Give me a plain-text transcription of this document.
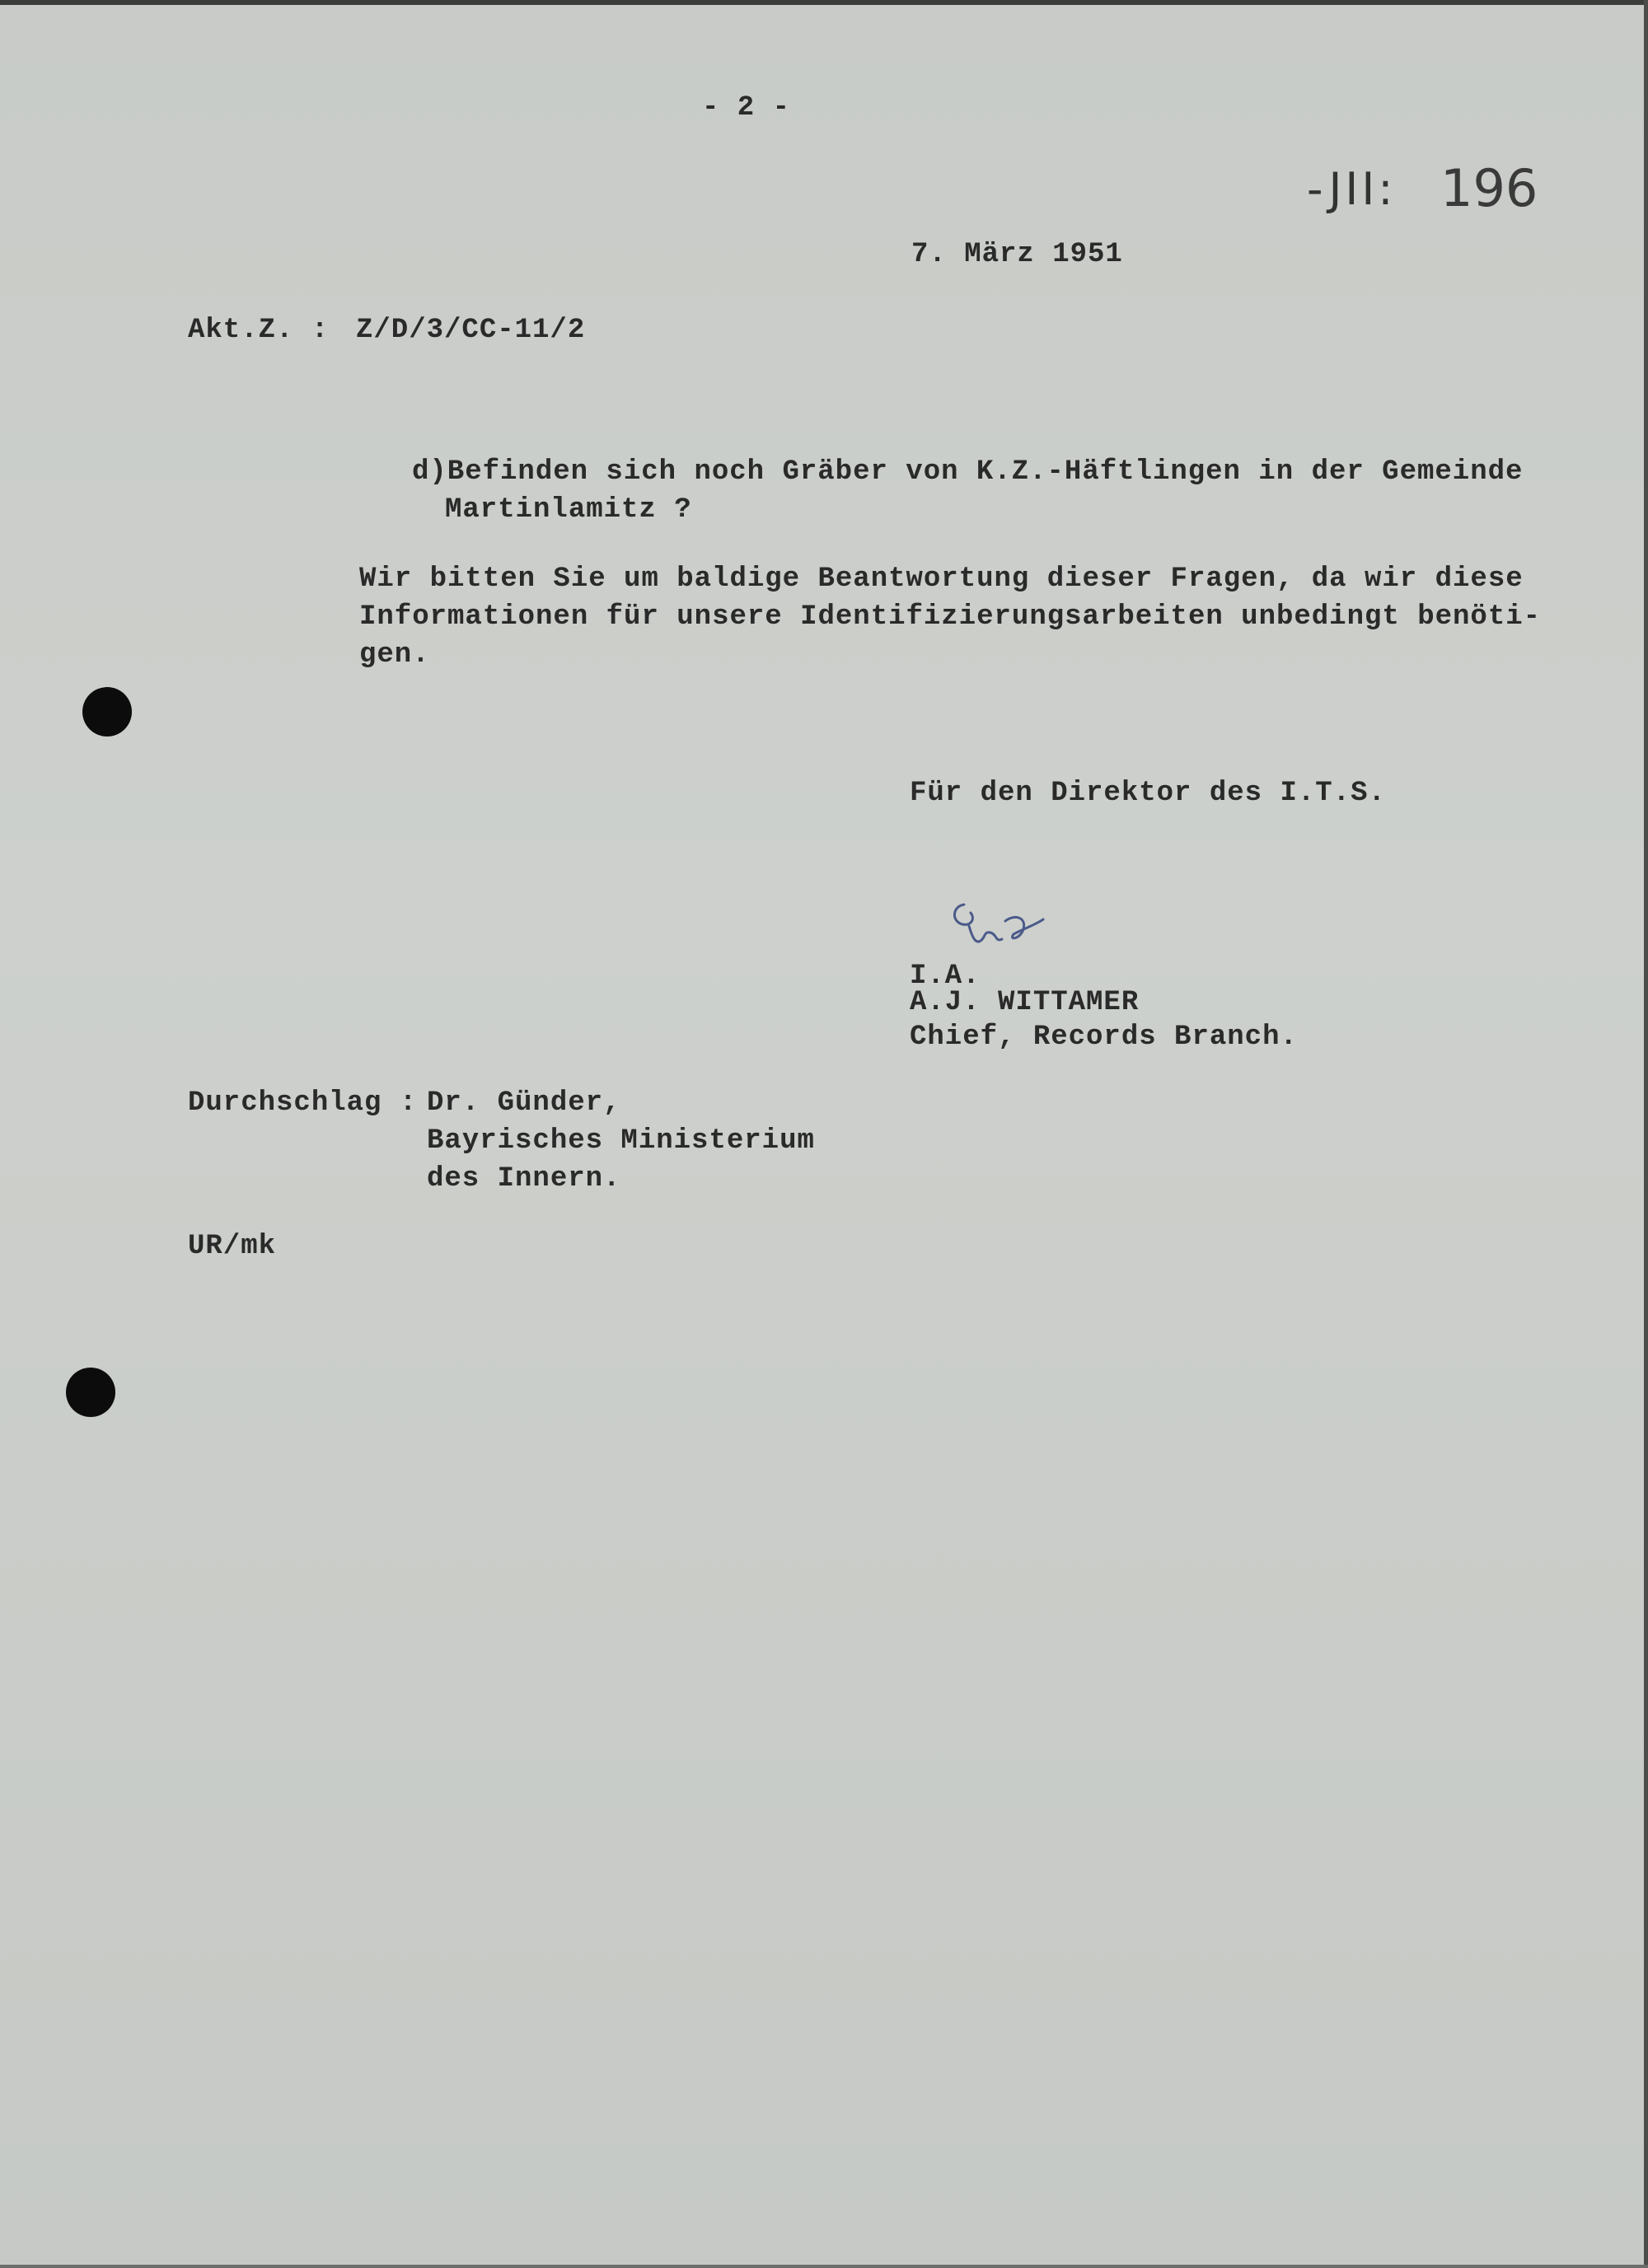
- 2 -
-JII: 196
7. März 1951
Akt.Z. : Z/D/3/CC-11/2
d)Befinden sich noch Gräber von K.Z.-Häftlingen in der Gemeinde
Martinlamitz ?
Wir bitten Sie um baldige Beantwortung dieser Fragen, da wir diese
Informationen für unsere Identifizierungsarbeiten unbedingt benöti-
gen.
Für den Direktor des I.T.S.
I.A.
A.J. WITTAMER
Chief, Records Branch.
Durchschlag : Dr. Günder,
Bayrisches Ministerium
des Innern.
UR/mk
